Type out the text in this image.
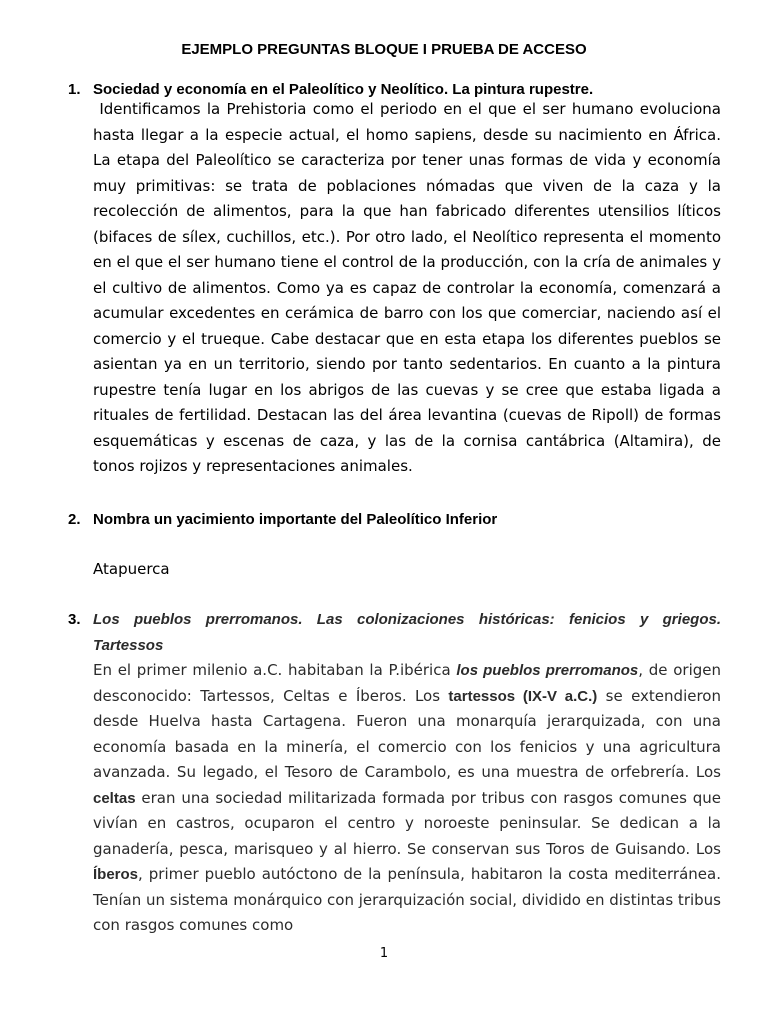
EJEMPLO PREGUNTAS BLOQUE I PRUEBA DE ACCESO
1. Sociedad y economía en el Paleolítico y Neolítico. La pintura rupestre.

Identificamos la Prehistoria como el periodo en el que el ser humano evoluciona hasta llegar a la especie actual, el homo sapiens, desde su nacimiento en África. La etapa del Paleolítico se caracteriza por tener unas formas de vida y economía muy primitivas: se trata de poblaciones nómadas que viven de la caza y la recolección de alimentos, para la que han fabricado diferentes utensilios líticos (bifaces de sílex, cuchillos, etc.). Por otro lado, el Neolítico representa el momento en el que el ser humano tiene el control de la producción, con la cría de animales y el cultivo de alimentos. Como ya es capaz de controlar la economía, comenzará a acumular excedentes en cerámica de barro con los que comerciar, naciendo así el comercio y el trueque. Cabe destacar que en esta etapa los diferentes pueblos se asientan ya en un territorio, siendo por tanto sedentarios. En cuanto a la pintura rupestre tenía lugar en los abrigos de las cuevas y se cree que estaba ligada a rituales de fertilidad. Destacan las del área levantina (cuevas de Ripoll) de formas esquemáticas y escenas de caza, y las de la cornisa cantábrica (Altamira), de tonos rojizos y representaciones animales.

2. Nombra un yacimiento importante del Paleolítico Inferior

Atapuerca

3. Los pueblos prerromanos. Las colonizaciones históricas: fenicios y griegos.
Tartessos

En el primer milenio a.C. habitaban la P.ibérica los pueblos prerromanos, de origen desconocido: Tartessos, Celtas e Íberos. Los tartessos (IX-V a.C.) se extendieron desde Huelva hasta Cartagena. Fueron una monarquía jerarquizada, con una economía basada en la minería, el comercio con los fenicios y una agricultura avanzada. Su legado, el Tesoro de Carambolo, es una muestra de orfebrería. Los celtas eran una sociedad militarizada formada por tribus con rasgos comunes que vivían en castros, ocuparon el centro y noroeste peninsular. Se dedican a la ganadería, pesca, marisqueo y al hierro. Se conservan sus Toros de Guisando. Los Íberos, primer pueblo autóctono de la península, habitaron la costa mediterránea. Tenían un sistema monárquico con jerarquización social, dividido en distintas tribus con rasgos comunes como

1
